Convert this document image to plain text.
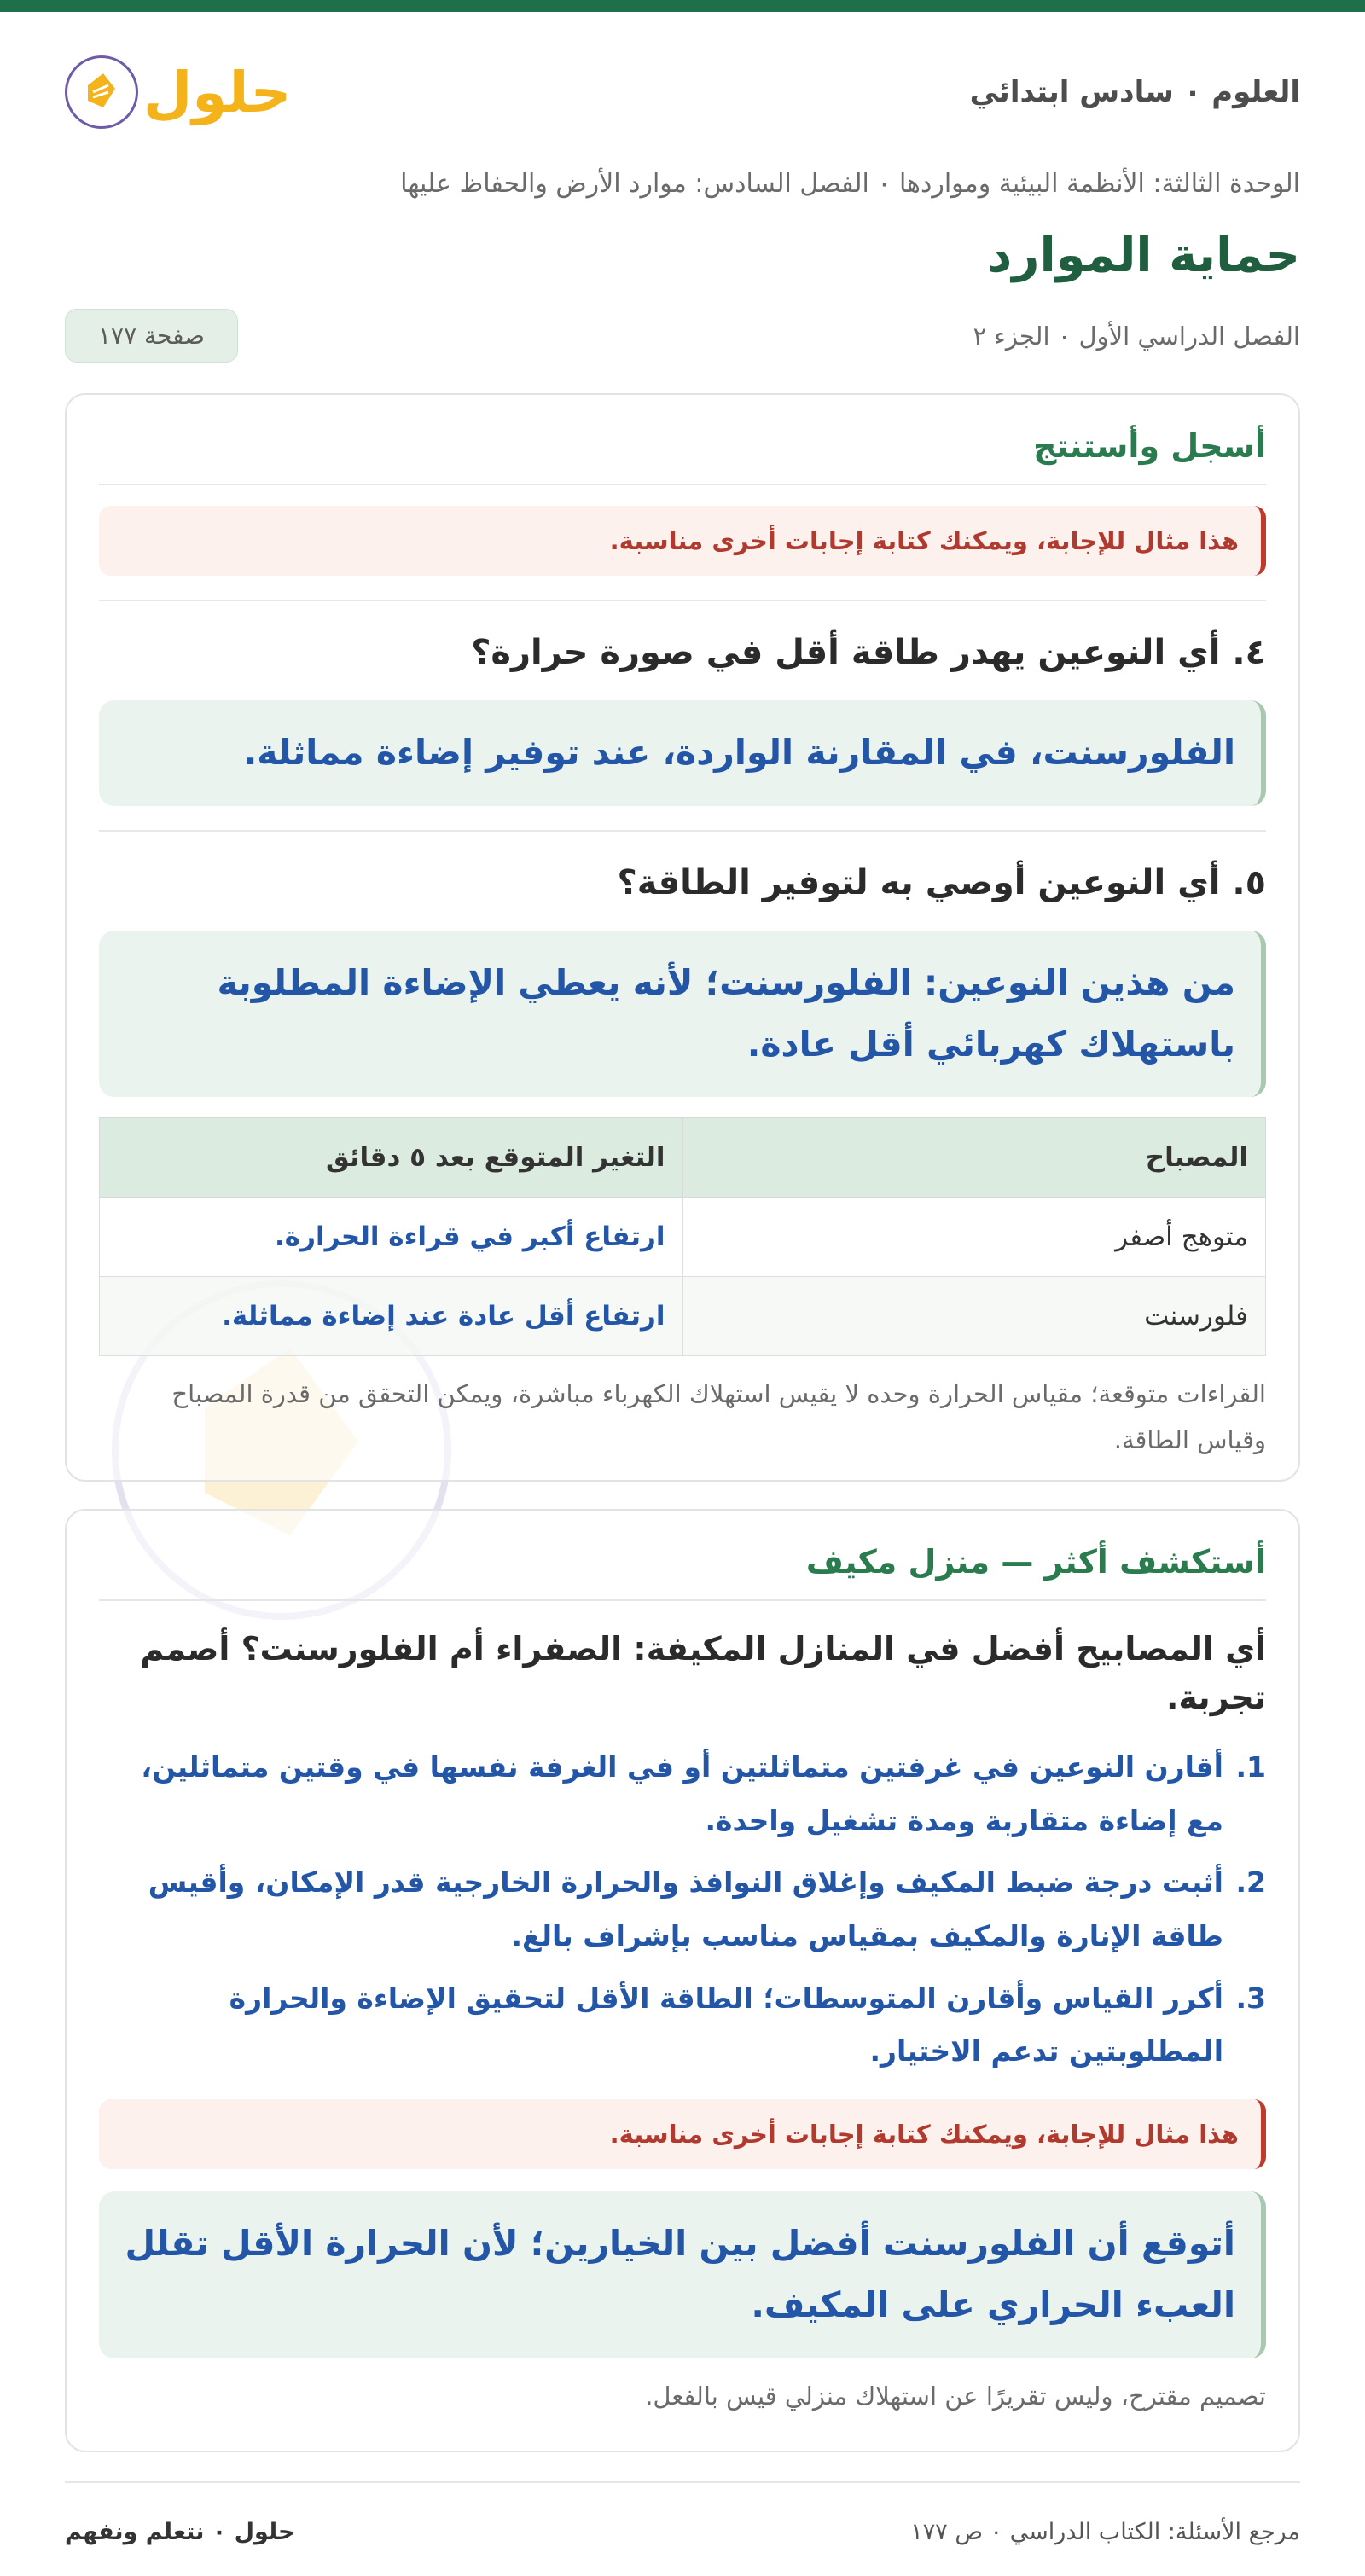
العلوم ٠ سادس ابتدائي
حلول
الوحدة الثالثة: الأنظمة البيئية ومواردها ٠ الفصل السادس: موارد الأرض والحفاظ عليها
حماية الموارد
الفصل الدراسي الأول ٠ الجزء ٢
صفحة ١٧٧
أسجل وأستنتج
هذا مثال للإجابة، ويمكنك كتابة إجابات أخرى مناسبة.
٤. أي النوعين يهدر طاقة أقل في صورة حرارة؟
الفلورسنت، في المقارنة الواردة، عند توفير إضاءة مماثلة.
٥. أي النوعين أوصي به لتوفير الطاقة؟
من هذين النوعين: الفلورسنت؛ لأنه يعطي الإضاءة المطلوبة باستهلاك كهربائي أقل عادة.
المصباح	التغير المتوقع بعد ٥ دقائق
متوهج أصفر	ارتفاع أكبر في قراءة الحرارة.
فلورسنت	ارتفاع أقل عادة عند إضاءة مماثلة.

القراءات متوقعة؛ مقياس الحرارة وحده لا يقيس استهلاك الكهرباء مباشرة، ويمكن التحقق من قدرة المصباح وقياس الطاقة.

أستكشف أكثر — منزل مكيف
أي المصابيح أفضل في المنازل المكيفة: الصفراء أم الفلورسنت؟ أصمم تجربة.
1.
أقارن النوعين في غرفتين متماثلتين أو في الغرفة نفسها في وقتين متماثلين، مع إضاءة متقاربة ومدة تشغيل واحدة.
2.
أثبت درجة ضبط المكيف وإغلاق النوافذ والحرارة الخارجية قدر الإمكان، وأقيس طاقة الإنارة والمكيف بمقياس مناسب بإشراف بالغ.
3.
أكرر القياس وأقارن المتوسطات؛ الطاقة الأقل لتحقيق الإضاءة والحرارة المطلوبتين تدعم الاختيار.
هذا مثال للإجابة، ويمكنك كتابة إجابات أخرى مناسبة.
أتوقع أن الفلورسنت أفضل بين الخيارين؛ لأن الحرارة الأقل تقلل العبء الحراري على المكيف.

تصميم مقترح، وليس تقريرًا عن استهلاك منزلي قيس بالفعل.

مرجع الأسئلة: الكتاب الدراسي ٠ ص ١٧٧
حلول ٠ نتعلم ونفهم
